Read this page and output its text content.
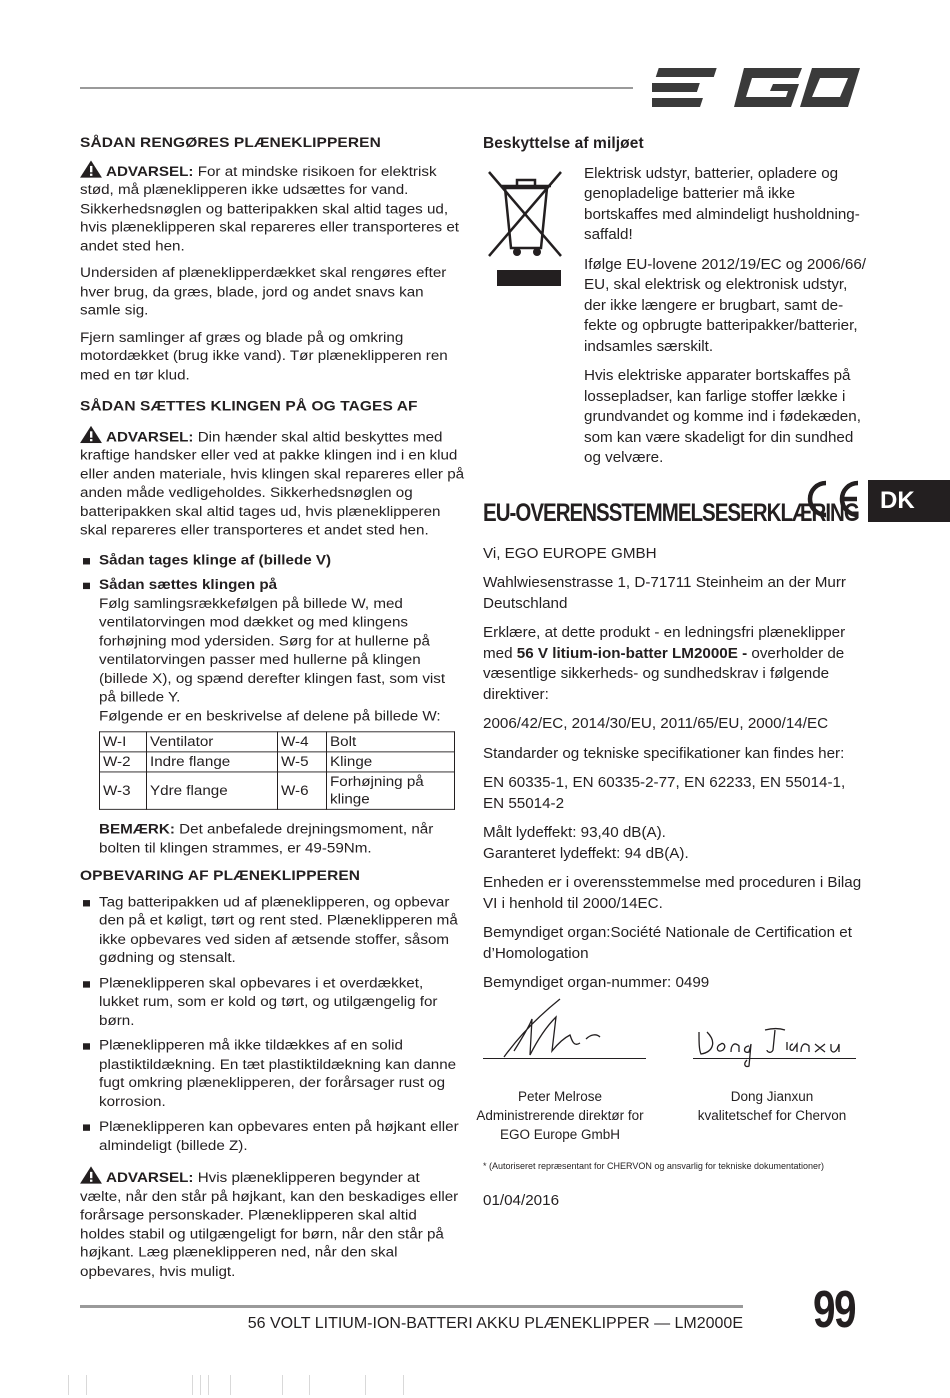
SÅDAN RENGØRES PLÆNEKLIPPEREN

ADVARSEL: For at mindske risikoen for elektrisk stød, må plæneklipperen ikke udsættes for vand. Sikkerhedsnøglen og batteripakken skal altid tages ud, hvis plæneklipperen skal repareres eller transporteres et andet sted hen.

Undersiden af plæneklipperdækket skal rengøres efter hver brug, da græs, blade, jord og andet snavs kan samle sig.

Fjern samlinger af græs og blade på og omkring motordækket (brug ikke vand). Tør plæneklipperen ren med en tør klud.

SÅDAN SÆTTES KLINGEN PÅ OG TAGES AF

ADVARSEL: Din hænder skal altid beskyttes med kraftige handsker eller ved at pakke klingen ind i en klud eller anden materiale, hvis klingen skal repareres eller på anden måde vedligeholdes. Sikkerhedsnøglen og batteripakken skal altid tages ud, hvis plæneklipperen skal repareres eller transporteres et andet sted hen.

Sådan tages klinge af (billede V)
Sådan sættes klingen på
Følg samlingsrækkefølgen på billede W, med ventilatorvingen mod dækket og med klingens forhøjning mod ydersiden. Sørg for at hullerne på ventilatorvingen passer med hullerne på klingen (billede X), og spænd derefter klingen fast, som vist på billede Y.
Følgende er en beskrivelse af delene på billede W:
W-I	Ventilator	W-4	Bolt
W-2	Indre flange	W-5	Klinge
W-3	Ydre flange	W-6	Forhøjning på klinge

BEMÆRK: Det anbefalede drejningsmoment, når bolten til klingen strammes, er 49-59Nm.

OPBEVARING AF PLÆNEKLIPPEREN
Tag batteripakken ud af plæneklipperen, og opbevar den på et køligt, tørt og rent sted. Plæneklipperen må ikke opbevares ved siden af ætsende stoffer, såsom gødning og stensalt.
Plæneklipperen skal opbevares i et overdækket, lukket rum, som er kold og tørt, og utilgængelig for børn.
Plæneklipperen må ikke tildækkes af en solid plastiktildækning. En tæt plastiktildækning kan danne fugt omkring plæneklipperen, der forårsager rust og korrosion.
Plæneklipperen kan opbevares enten på højkant eller almindeligt (billede Z).

ADVARSEL: Hvis plæneklipperen begynder at vælte, når den står på højkant, kan den beskadiges eller forårsage personskader. Plæneklipperen skal altid holdes stabil og utilgængeligt for børn, når den står på højkant. Læg plæneklipperen ned, når den skal opbevares, hvis muligt.

Beskyttelse af miljøet

Elektrisk udstyr, batterier, opladere og genopladelige batterier må ikke bortskaffes med almindeligt husholdning-saffald!

Ifølge EU-lovene 2012/19/EC og 2006/66/ EU, skal elektrisk og elektronisk udstyr, der ikke længere er brugbart, samt de-fekte og opbrugte batteripakker/batterier, indsamles særskilt.

Hvis elektriske apparater bortskaffes på lossepladser, kan farlige stoffer lække i grundvandet og komme ind i fødekæden, som kan være skadeligt for din sundhed og velvære.

EU-OVERENSSTEMMELSESERKLÆRING

Vi, EGO EUROPE GMBH

Wahlwiesenstrasse 1, D-71711 Steinheim an der Murr
Deutschland

Erklære, at dette produkt - en ledningsfri plæneklipper med 56 V litium-ion-batter LM2000E - overholder de væsentlige sikkerheds- og sundhedskrav i følgende direktiver:

2006/42/EC, 2014/30/EU, 2011/65/EU, 2000/14/EC

Standarder og tekniske specifikationer kan findes her:

EN 60335-1, EN 60335-2-77, EN 62233, EN 55014-1, EN 55014-2

Målt lydeffekt: 93,40 dB(A).
Garanteret lydeffekt: 94 dB(A).

Enheden er i overensstemmelse med proceduren i Bilag VI i henhold til 2000/14EC.

Bemyndiget organ:Société Nationale de Certification et d’Homologation

Bemyndiget organ-nummer: 0499

DK
Peter Melrose
Administrerende direktør for
EGO Europe GmbH
Dong Jianxun
kvalitetschef for Chervon
* (Autoriseret repræsentant for CHERVON og ansvarlig for tekniske dokumentationer)
01/04/2016
56 VOLT LITIUM-ION-BATTERI AKKU PLÆNEKLIPPER — LM2000E 99
